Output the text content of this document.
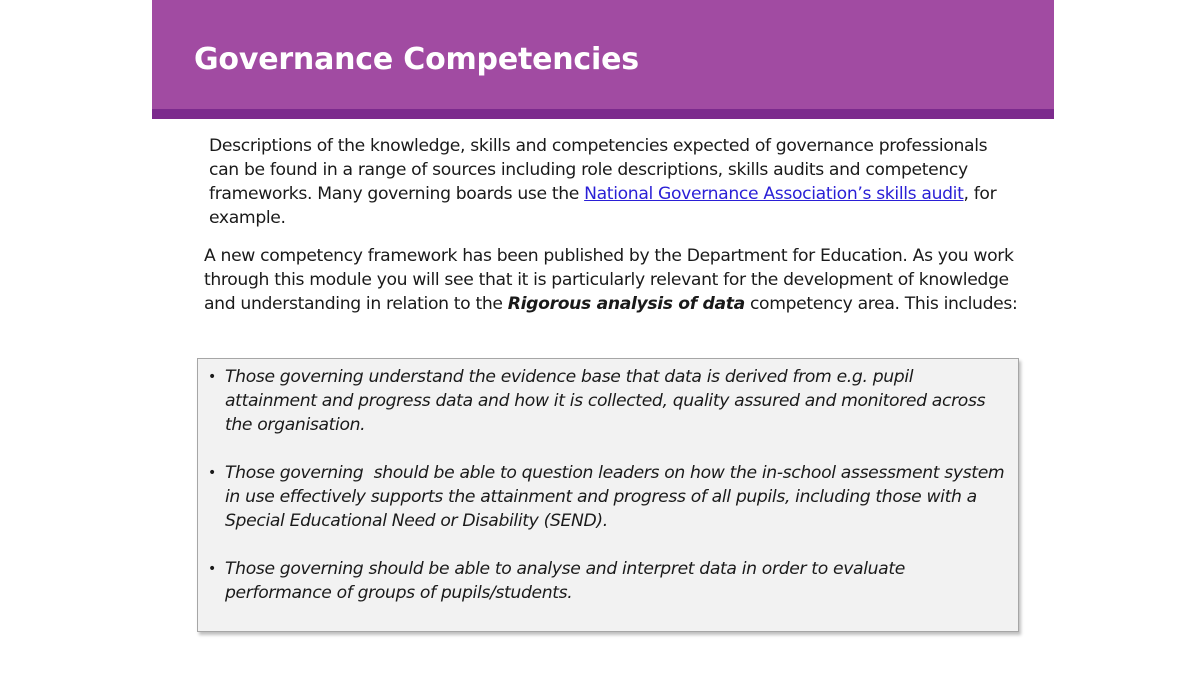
Governance Competencies

Descriptions of the knowledge, skills and competencies expected of governance professionals can be found in a range of sources including role descriptions, skills audits and competency frameworks. Many governing boards use the National Governance Association’s skills audit, for example.

A new competency framework has been published by the Department for Education. As you work through this module you will see that it is particularly relevant for the development of knowledge and understanding in relation to the Rigorous analysis of data competency area. This includes:

• Those governing understand the evidence base that data is derived from e.g. pupil attainment and progress data and how it is collected, quality assured and monitored across the organisation.
• Those governing  should be able to question leaders on how the in-school assessment system in use effectively supports the attainment and progress of all pupils, including those with a Special Educational Need or Disability (SEND).
• Those governing should be able to analyse and interpret data in order to evaluate performance of groups of pupils/students.
